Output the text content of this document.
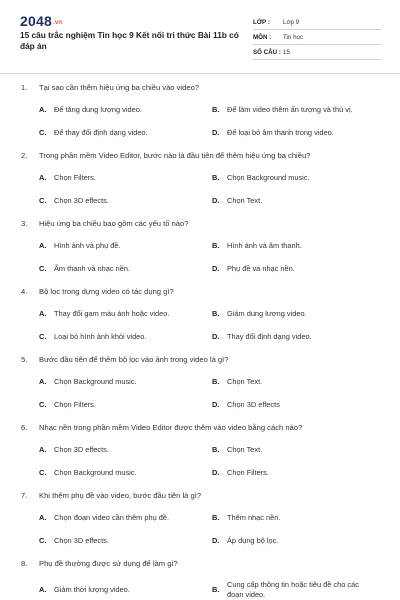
2048.vn
15 câu trắc nghiệm Tin học 9 Kết nối tri thức Bài 11b có đáp án
LỚP :	Lớp 9
MÔN :	Tin học
SỐ CÂU : 15
1. Tại sao cần thêm hiệu ứng ba chiều vào video?
A. Để tăng dung lượng video.	B. Để làm video thêm ấn tượng và thú vị.
C. Để thay đổi định dạng video.	D. Để loại bỏ âm thanh trong video.
2. Trong phần mềm Video Editor, bước nào là đầu tiên để thêm hiệu ứng ba chiều?
A. Chọn Filters.	B. Chọn Background music.
C. Chọn 3D effects.	D. Chọn Text.
3. Hiệu ứng ba chiều bao gồm các yếu tố nào?
A. Hình ảnh và phụ đề.	B. Hình ảnh và âm thanh.
C. Âm thanh và nhạc nền.	D. Phụ đề và nhạc nền.
4. Bộ lọc trong dựng video có tác dụng gì?
A. Thay đổi gam màu ảnh hoặc video.	B. Giảm dung lượng video.
C. Loại bỏ hình ảnh khỏi video.	D. Thay đổi định dạng video.
5. Bước đầu tiên để thêm bộ lọc vào ảnh trong video là gì?
A. Chọn Background music.	B. Chọn Text.
C. Chọn Filters.	D. Chọn 3D effects
6. Nhạc nền trong phần mềm Video Editor được thêm vào video bằng cách nào?
A. Chọn 3D effects.	B. Chọn Text.
C. Chọn Background music.	D. Chọn Filters.
7. Khi thêm phụ đề vào video, bước đầu tiên là gì?
A. Chọn đoạn video cần thêm phụ đề.	B. Thêm nhạc nền.
C. Chọn 3D effects.	D. Áp dụng bộ lọc.
8. Phụ đề thường được sử dụng để làm gì?
A. Giảm thời lượng video.	B.Cung cấp thông tin hoặc tiêu đề cho các đoạn video.
